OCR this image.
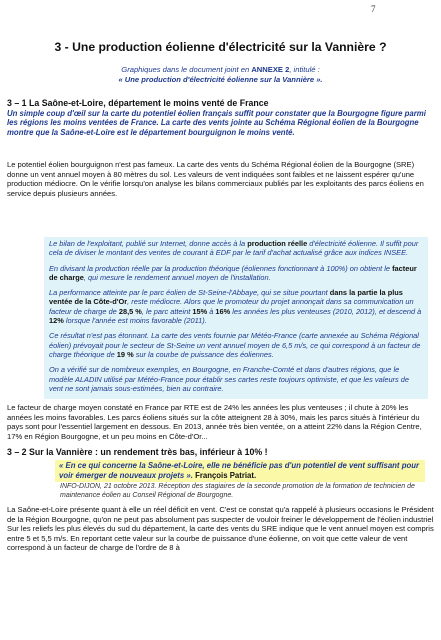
7
3 - Une production éolienne d'électricité sur la Vannière ?
Graphiques dans le document joint en ANNEXE 2, intitulé :
« Une production d'électricité éolienne sur la Vannière ».
3 – 1 La Saône-et-Loire, département le moins venté de France
Un simple coup d'œil sur la carte du potentiel éolien français suffit pour constater que la Bourgogne figure parmi les régions les moins ventées de France. La carte des vents jointe au Schéma Régional éolien de la Bourgogne montre que la Saône-et-Loire est le département bourguignon le moins venté.
Le potentiel éolien bourguignon n'est pas fameux. La carte des vents du Schéma Régional éolien de la Bourgogne (SRE) donne un vent annuel moyen à 80 mètres du sol. Les valeurs de vent indiquées sont faibles et ne laissent espérer qu'une production médiocre. On le vérifie lorsqu'on analyse les bilans commerciaux publiés par les exploitants des parcs éoliens en service depuis plusieurs années.

Le bilan de l'exploitant, publié sur Internet, donne accès à la production réelle d'électricité éolienne. Il suffit pour cela de diviser le montant des ventes de courant à EDF par le tarif d'achat actualisé grâce aux indices INSEE.

En divisant la production réelle par la production théorique (éoliennes fonctionnant à 100%) on obtient le facteur de charge, qui mesure le rendement annuel moyen de l'installation.

La performance atteinte par le parc éolien de St-Seine-l'Abbaye, qui se situe pourtant dans la partie la plus ventée de la Côte-d'Or, reste médiocre. Alors que le promoteur du projet annonçait dans sa communication un facteur de charge de 28,5 %, le parc atteint 15% à 16% les années les plus venteuses (2010, 2012), et descend à 12% lorsque l'année est moins favorable (2011).

Ce résultat n'est pas étonnant. La carte des vents fournie par Météo-France (carte annexée au Schéma Régional éolien) prévoyait pour le secteur de St-Seine un vent annuel moyen de 6,5 m/s, ce qui correspond à un facteur de charge théorique de 19 % sur la courbe de puissance des éoliennes.

On a vérifié sur de nombreux exemples, en Bourgogne, en Franche-Comté et dans d'autres régions, que le modèle ALADIN utilisé par Météo-France pour établir ses cartes reste toujours optimiste, et que les valeurs de vent ne sont jamais sous-estimées, bien au contraire.

Le facteur de charge moyen constaté en France par RTE est de 24% les années les plus venteuses ; il chute à 20% les années les moins favorables. Les parcs éoliens situés sur la côte atteignent 28 à 30%, mais les parcs situés à l'intérieur du pays sont pour l'essentiel largement en dessous. En 2013, année très bien ventée, on a atteint 22% dans la Région Centre, 17% en Région Bourgogne, et un peu moins en Côte-d'Or...
3 – 2 Sur la Vannière : un rendement très bas, inférieur à 10% !
« En ce qui concerne la Saône-et-Loire, elle ne bénéficie pas d'un potentiel de vent suffisant pour voir émerger de nouveaux projets ». François Patriat.
INFO-DIJON, 21 octobre 2013. Réception des stagiaires de la seconde promotion de la formation de technicien de maintenance éolien au Conseil Régional de Bourgogne.
La Saône-et-Loire présente quant à elle un réel déficit en vent. C'est ce constat qu'a rappelé à plusieurs occasions le Président de la Région Bourgogne, qu'on ne peut pas absolument pas suspecter de vouloir freiner le développement de l'éolien industriel
Sur les reliefs les plus élevés du sud du département, la carte des vents du SRE indique que le vent annuel moyen est compris entre 5 et 5,5 m/s. En reportant cette valeur sur la courbe de puissance d'une éolienne, on voit que cette valeur de vent correspond à un facteur de charge de l'ordre de 8 à
